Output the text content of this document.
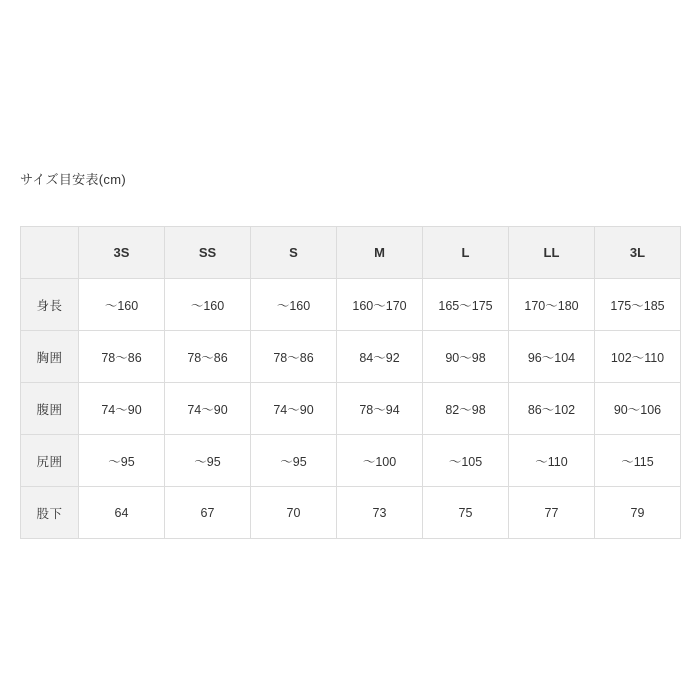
サイズ目安表(cm)
	3S	SS	S	M	L	LL	3L
身長	〜160	〜160	〜160	160〜170	165〜175	170〜180	175〜185
胸囲	78〜86	78〜86	78〜86	84〜92	90〜98	96〜104	102〜110
腹囲	74〜90	74〜90	74〜90	78〜94	82〜98	86〜102	90〜106
尻囲	〜95	〜95	〜95	〜100	〜105	〜110	〜115
股下	64	67	70	73	75	77	79
